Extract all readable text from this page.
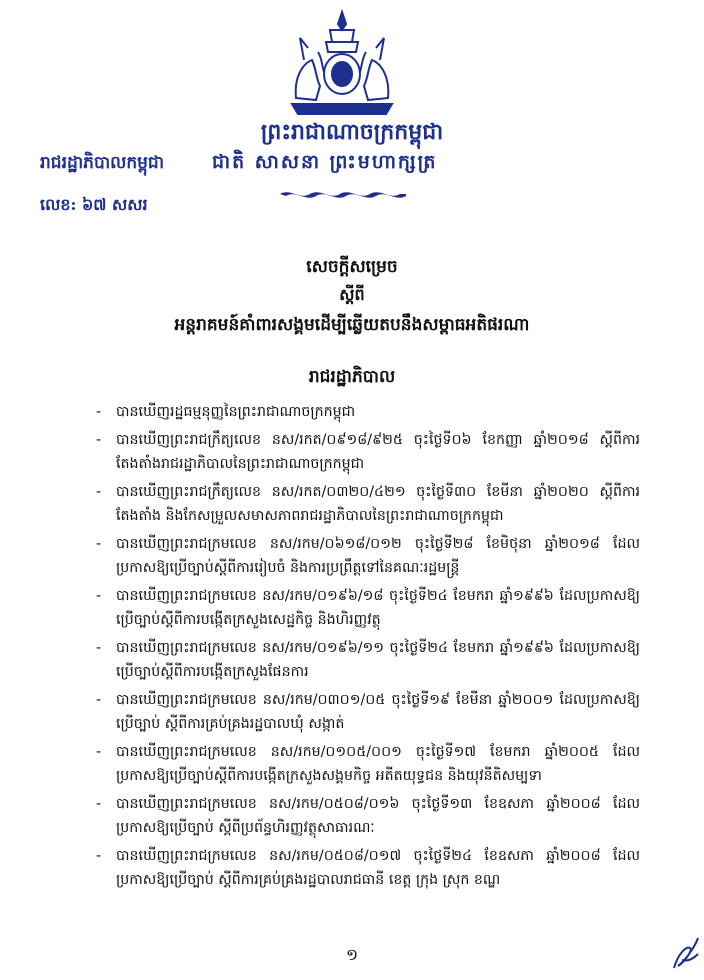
ព្រះរាជាណាចក្រកម្ពុជា
រាជរដ្ឋាភិបាលកម្ពុជា	ជាតិ សាសនា ព្រះមហាក្សត្រ
លេខ: ៦៧ សសរ
សេចក្តីសម្រេច
ស្តីពី
អន្តរាគមន៍គាំពារសង្គមដើម្បីឆ្លើយតបនឹងសម្ពាធអតិផរណា
រាជរដ្ឋាភិបាល
- បានឃើញរដ្ឋធម្មនុញ្ញនៃព្រះរាជាណាចក្រកម្ពុជា
- បានឃើញព្រះរាជក្រឹត្យលេខ នស/រកត/០៩១៨/៩២៥ ចុះថ្ងៃទី០៦ ខែកញ្ញា ឆ្នាំ២០១៨ ស្តីពីការតែងតាំងរាជរដ្ឋាភិបាលនៃព្រះរាជាណាចក្រកម្ពុជា
- បានឃើញព្រះរាជក្រឹត្យលេខ នស/រកត/០៣២០/៤២១ ចុះថ្ងៃទី៣០ ខែមីនា ឆ្នាំ២០២០ ស្តីពីការតែងតាំង និងកែសម្រួលសមាសភាពរាជរដ្ឋាភិបាលនៃព្រះរាជាណាចក្រកម្ពុជា
- បានឃើញព្រះរាជក្រមលេខ នស/រកម/០៦១៨/០១២ ចុះថ្ងៃទី២៨ ខែមិថុនា ឆ្នាំ២០១៨ ដែលប្រកាសឱ្យប្រើច្បាប់ស្តីពីការរៀបចំ និងការប្រព្រឹត្តទៅនៃគណៈរដ្ឋមន្ត្រី
- បានឃើញព្រះរាជក្រមលេខ នស/រកម/០១៩៦/១៨ ចុះថ្ងៃទី២៤ ខែមករា ឆ្នាំ១៩៩៦ ដែលប្រកាសឱ្យប្រើច្បាប់ស្តីពីការបង្កើតក្រសួងសេដ្ឋកិច្ច និងហិរញ្ញវត្ថុ
- បានឃើញព្រះរាជក្រមលេខ នស/រកម/០១៩៦/១១ ចុះថ្ងៃទី២៤ ខែមករា ឆ្នាំ១៩៩៦ ដែលប្រកាសឱ្យប្រើច្បាប់ស្តីពីការបង្កើតក្រសួងផែនការ
- បានឃើញព្រះរាជក្រមលេខ នស/រកម/០៣០១/០៥ ចុះថ្ងៃទី១៩ ខែមីនា ឆ្នាំ២០០១ ដែលប្រកាសឱ្យប្រើច្បាប់ ស្តីពីការគ្រប់គ្រងរដ្ឋបាលឃុំ សង្កាត់
- បានឃើញព្រះរាជក្រមលេខ នស/រកម/០១០៥/០០១ ចុះថ្ងៃទី១៧ ខែមករា ឆ្នាំ២០០៥ ដែលប្រកាសឱ្យប្រើច្បាប់ស្តីពីការបង្កើតក្រសួងសង្គមកិច្ច អតីតយុទ្ធជន និងយុវនីតិសម្បទា
- បានឃើញព្រះរាជក្រមលេខ នស/រកម/០៥០៨/០១៦ ចុះថ្ងៃទី១៣ ខែឧសភា ឆ្នាំ២០០៨ ដែលប្រកាសឱ្យប្រើច្បាប់ ស្តីពីប្រព័ន្ធហិរញ្ញវត្ថុសាធារណៈ
- បានឃើញព្រះរាជក្រមលេខ នស/រកម/០៥០៨/០១៧ ចុះថ្ងៃទី២៤ ខែឧសភា ឆ្នាំ២០០៨ ដែលប្រកាសឱ្យប្រើច្បាប់ ស្តីពីការគ្រប់គ្រងរដ្ឋបាលរាជធានី ខេត្ត ក្រុង ស្រុក ខណ្ឌ
១
